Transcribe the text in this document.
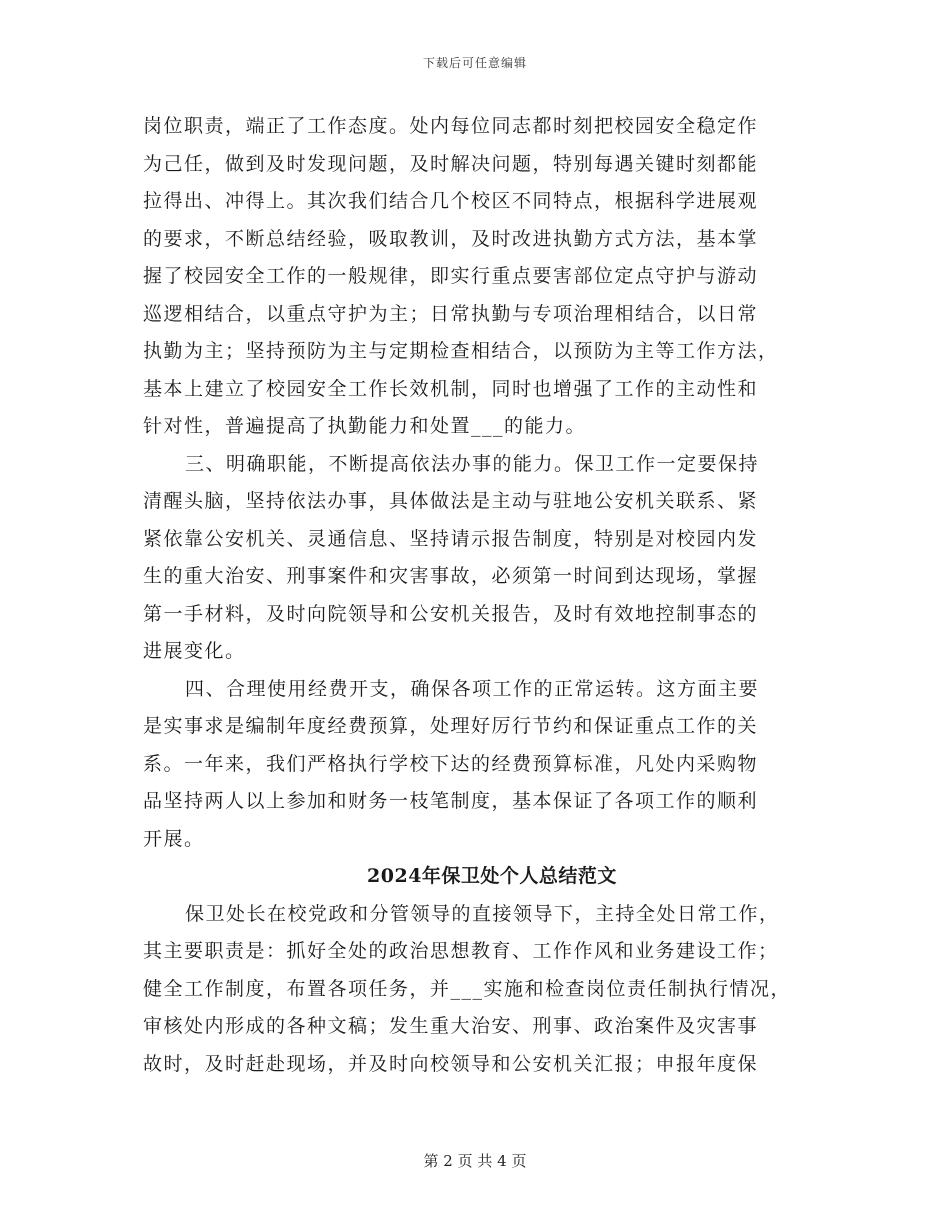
下载后可任意编辑
岗位职责，端正了工作态度。处内每位同志都时刻把校园安全稳定作
为己任，做到及时发现问题，及时解决问题，特别每遇关键时刻都能
拉得出、冲得上。其次我们结合几个校区不同特点，根据科学进展观
的要求，不断总结经验，吸取教训，及时改进执勤方式方法，基本掌
握了校园安全工作的一般规律，即实行重点要害部位定点守护与游动
巡逻相结合，以重点守护为主；日常执勤与专项治理相结合，以日常
执勤为主；坚持预防为主与定期检查相结合，以预防为主等工作方法，
基本上建立了校园安全工作长效机制，同时也增强了工作的主动性和
针对性，普遍提高了执勤能力和处置___的能力。
三、明确职能，不断提高依法办事的能力。保卫工作一定要保持
清醒头脑，坚持依法办事，具体做法是主动与驻地公安机关联系、紧
紧依靠公安机关、灵通信息、坚持请示报告制度，特别是对校园内发
生的重大治安、刑事案件和灾害事故，必须第一时间到达现场，掌握
第一手材料，及时向院领导和公安机关报告，及时有效地控制事态的
进展变化。
四、合理使用经费开支，确保各项工作的正常运转。这方面主要
是实事求是编制年度经费预算，处理好厉行节约和保证重点工作的关
系。一年来，我们严格执行学校下达的经费预算标准，凡处内采购物
品坚持两人以上参加和财务一枝笔制度，基本保证了各项工作的顺利
开展。
2024年保卫处个人总结范文
保卫处长在校党政和分管领导的直接领导下，主持全处日常工作，
其主要职责是：抓好全处的政治思想教育、工作作风和业务建设工作；
健全工作制度，布置各项任务，并___实施和检查岗位责任制执行情况，
审核处内形成的各种文稿；发生重大治安、刑事、政治案件及灾害事
故时，及时赶赴现场，并及时向校领导和公安机关汇报；申报年度保
第 2 页 共 4 页
